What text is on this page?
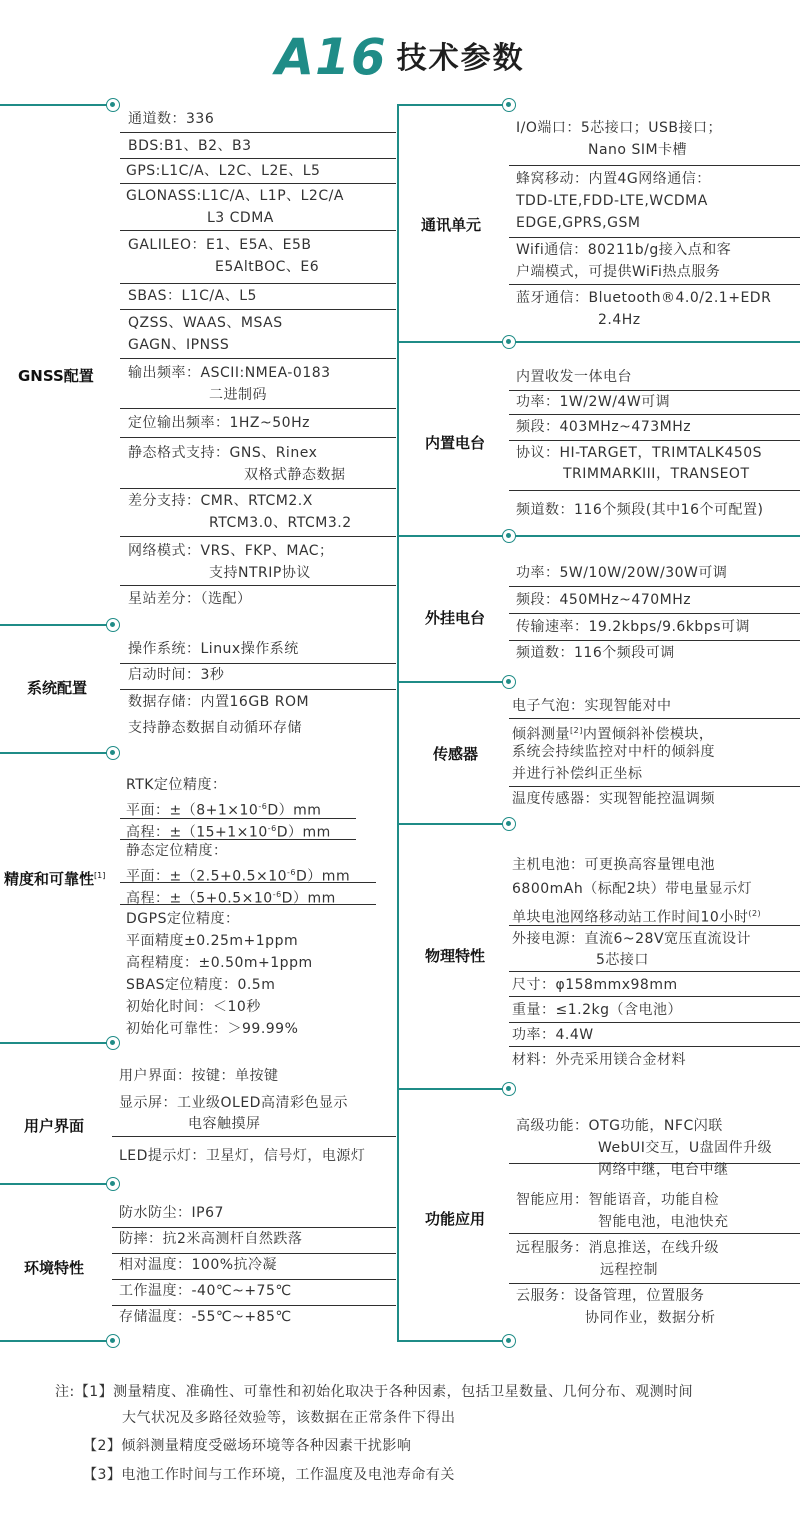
A16 技术参数
GNSS配置
系统配置
精度和可靠性[1]
用户界面
环境特性
通道数：336
BDS:B1、B2、B3
GPS:L1C/A、L2C、L2E、L5
GLONASS:L1C/A、L1P、L2C/A
L3 CDMA
GALILEO：E1、E5A、E5B
E5AltBOC、E6
SBAS：L1C/A、L5
QZSS、WAAS、MSAS
GAGN、IPNSS
输出频率：ASCII:NMEA-0183
二进制码
定位输出频率：1HZ~50Hz
静态格式支持：GNS、Rinex
双格式静态数据
差分支持：CMR、RTCM2.X
RTCM3.0、RTCM3.2
网络模式：VRS、FKP、MAC；
支持NTRIP协议
星站差分：（选配）
操作系统：Linux操作系统
启动时间：3秒
数据存储：内置16GB ROM
支持静态数据自动循环存储
RTK定位精度：
平面：$\pm(8+1\times 10^{-6}D)mm$
高程：$\pm(15+1\times 10^{-6}D)mm$
静态定位精度：
平面：$\pm(2.5+0.5\times 10^{-6}D)mm$
高程：$\pm(5+0.5\times 10^{-6}D)mm$
DGPS定位精度：
平面精度±0.25m+1ppm
高程精度：±0.50m+1ppm
SBAS定位精度：0.5m
初始化时间：＜10秒
初始化可靠性：＞99.99%
用户界面：按键：单按键
显示屏：工业级OLED高清彩色显示
电容触摸屏
LED提示灯：卫星灯，信号灯，电源灯
防水防尘：IP67
防摔：抗2米高测杆自然跌落
相对温度：100%抗冷凝
工作温度：-40℃~+75℃
存储温度：-55℃~+85℃
通讯单元
内置电台
外挂电台
传感器
物理特性
功能应用
I/O端口：5芯接口；USB接口；
Nano SIM卡槽
蜂窝移动：内置4G网络通信：
TDD-LTE,FDD-LTE,WCDMA
EDGE,GPRS,GSM
Wifi通信：80211b/g接入点和客
户端模式，可提供WiFi热点服务
蓝牙通信：Bluetooth®4.0/2.1+EDR
2.4Hz
内置收发一体电台
功率：1W/2W/4W可调
频段：403MHz~473MHz
协议：HI-TARGET，TRIMTALK450S
TRIMMARKIII，TRANSEOT
频道数：116个频段(其中16个可配置)
功率：5W/10W/20W/30W可调
频段：450MHz~470MHz
传输速率：19.2kbps/9.6kbps可调
频道数：116个频段可调
电子气泡：实现智能对中
倾斜测量[2]内置倾斜补偿模块，
系统会持续监控对中杆的倾斜度
并进行补偿纠正坐标
温度传感器：实现智能控温调频
主机电池：可更换高容量锂电池
6800mAh（标配2块）带电量显示灯
单块电池网络移动站工作时间10小时$^{(2)}$
外接电源：直流6~28V宽压直流设计
5芯接口
尺寸：φ158mmx98mm
重量：≤1.2kg（含电池）
功率：4.4W
材料：外壳采用镁合金材料
高级功能：OTG功能，NFC闪联
WebUI交互，U盘固件升级
网络中继，电台中继
智能应用：智能语音，功能自检
智能电池，电池快充
远程服务：消息推送，在线升级
远程控制
云服务：设备管理，位置服务
协同作业，数据分析
注:【1】测量精度、准确性、可靠性和初始化取决于各种因素，包括卫星数量、几何分布、观测时间
大气状况及多路径效验等，该数据在正常条件下得出
【2】倾斜测量精度受磁场环境等各种因素干扰影响
【3】电池工作时间与工作环境，工作温度及电池寿命有关
